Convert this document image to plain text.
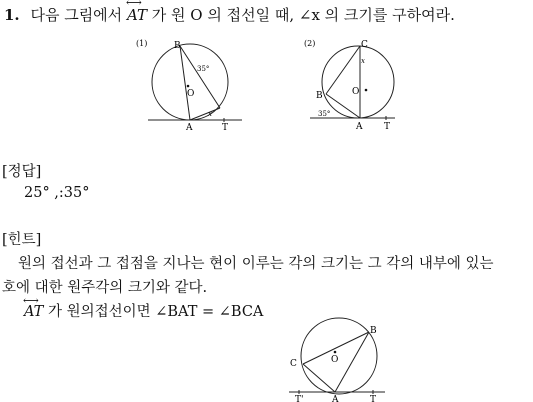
1. 다음 그림에서
⟷
AT 가 원 O 의 접선일 때, ∠x 의 크기를 구하여라.
(1)	B
O
A	T
35°
x
(2)	C
B	O
A T
35°
x
[정답]
25° ,:35°
[힌트]
원의 접선과 그 접점을 지나는 현이 이루는 각의 크기는 그 각의 내부에 있는
호에 대한 원주각의 크기와 같다.
⟷
AT 가 원의접선이면 ∠BAT = ∠BCA
C
B
O
A	T
T'
